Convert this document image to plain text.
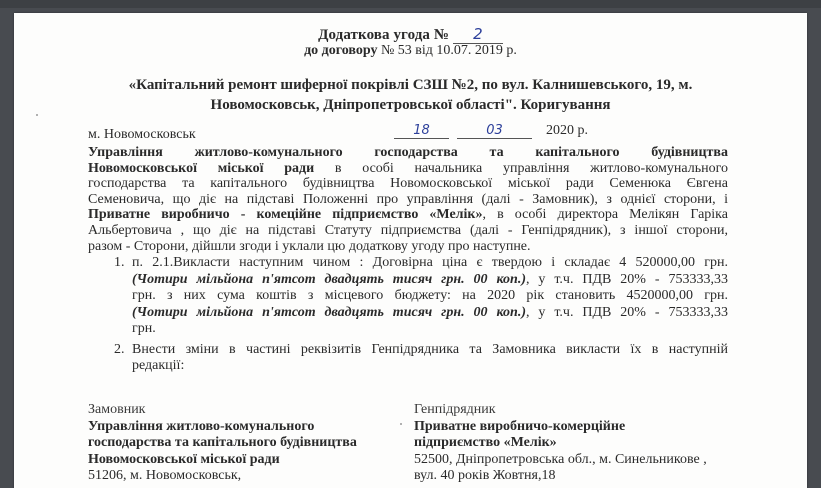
Додаткова угода № 2
до договору № 53 від 10.07. 2019 р.
«Капітальний ремонт шиферної покрівлі СЗШ №2, по вул. Калнишевського, 19, м.
Новомосковськ, Дніпропетровської області". Коригування
м. Новомосковськ	18	03	2020 р.
Управління житлово-комунального господарства та капітального будівництва
Новомосковської міської ради в особі начальника управління житлово-комунального
господарства та капітального будівництва Новомосковської міської ради Семенюка Євгена
Семеновича, що діє на підставі Положенні про управління (далі - Замовник), з однієї сторони, і
Приватне виробничо - комеційне підприємство «Мелік», в особі директора Мелікян Гаріка
Альбертовича , що діє на підставі Статуту підприємства (далі - Генпідрядник), з іншої сторони,
разом - Сторони, дійшли згоди і уклали цю додаткову угоду про наступне.
1. п. 2.1.Викласти наступним чином : Договірна ціна є твердою і складає 4 520000,00 грн.
(Чотири мільйона п'ятсот двадцять тисяч грн. 00 коп.), у т.ч. ПДВ 20% - 753333,33
грн. з них сума коштів з місцевого бюджету: на 2020 рік становить 4520000,00 грн.
(Чотири мільйона п'ятсот двадцять тисяч грн. 00 коп.), у т.ч. ПДВ 20% - 753333,33
грн.
2. Внести зміни в частині реквізитів Генпідрядника та Замовника викласти їх в наступній
редакції:
Замовник
Управління житлово-комунального
господарства та капітального будівництва
Новомосковської міської ради
51206, м. Новомосковськ,
Генпідрядник
Приватне виробничо-комерційне
підприємство «Мелік»
52500, Дніпропетровська обл., м. Синельникове ,
вул. 40 років Жовтня,18
